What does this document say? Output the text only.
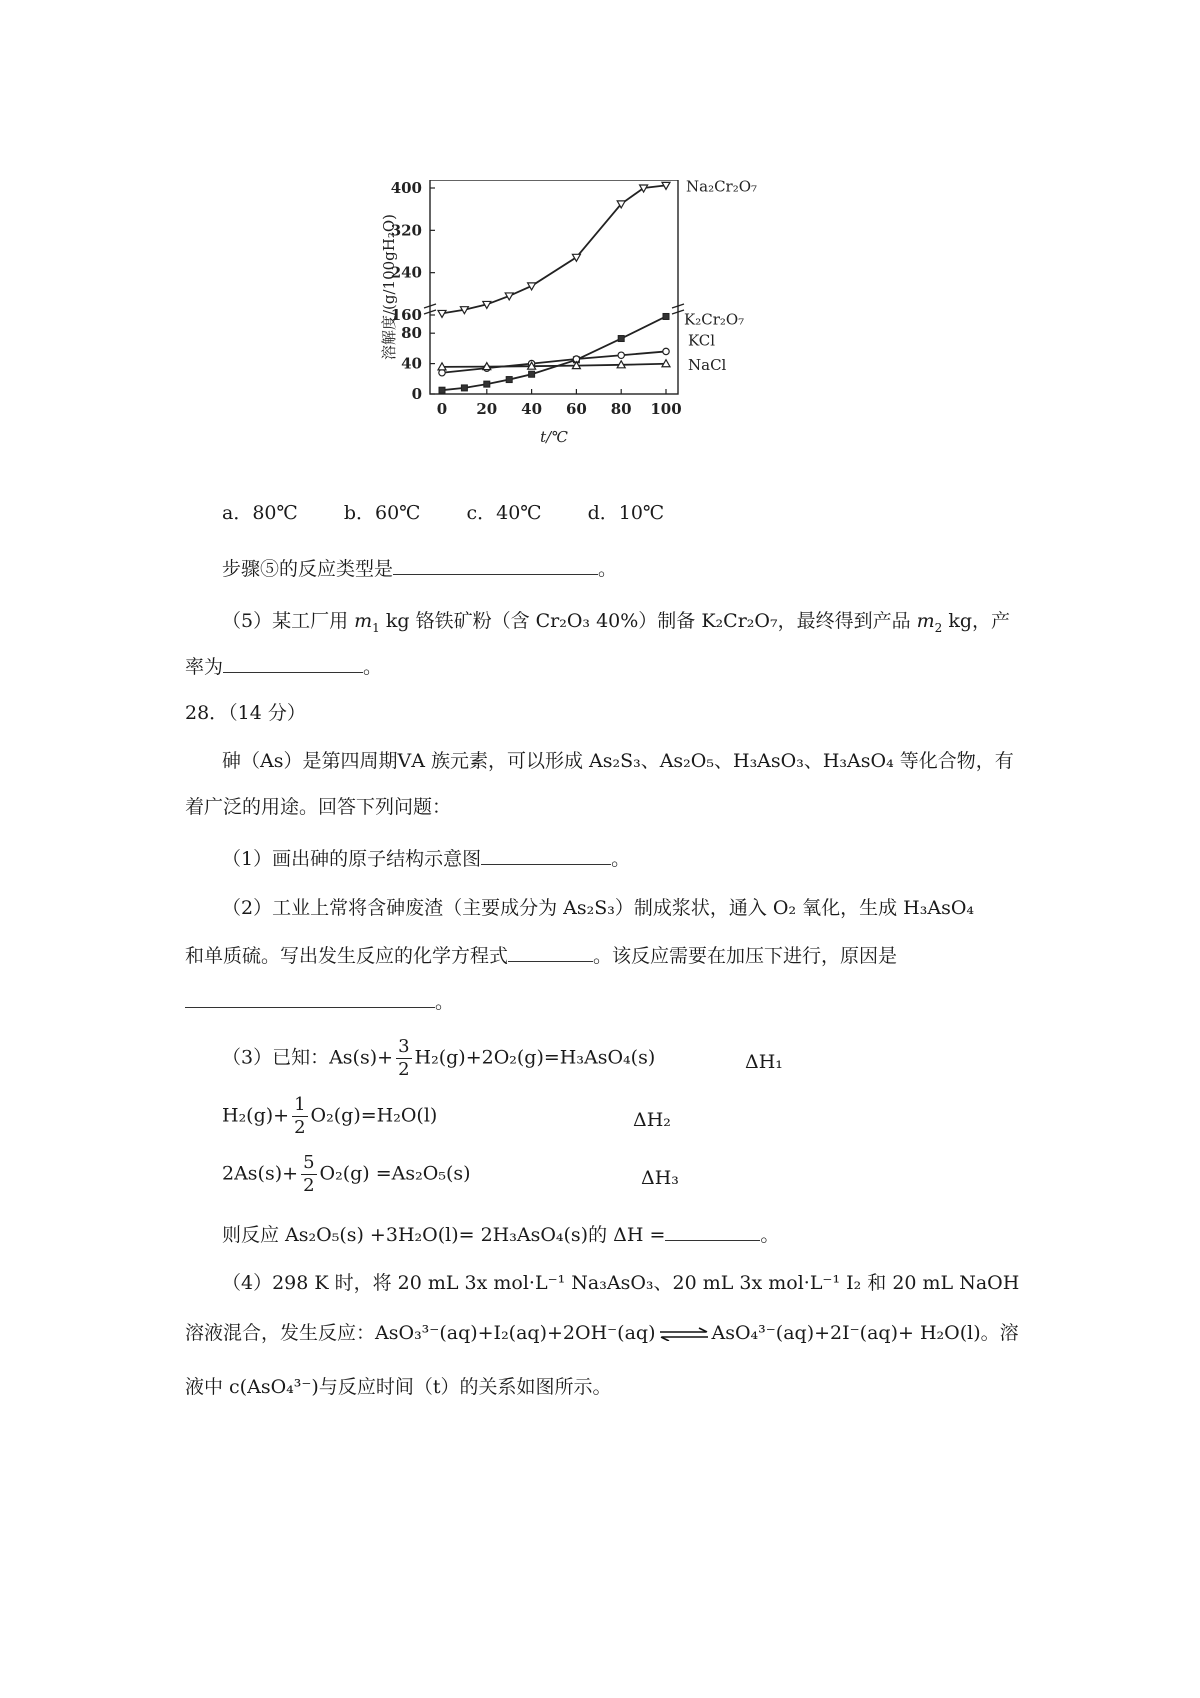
0
40
80
160
240
320
400
0 20 40 60 80 100
t/℃
溶解度/(g/100gH₂O)
Na₂Cr₂O₇
K₂Cr₂O₇
KCl
NaCl
a．80℃ b．60℃ c．40℃ d．10℃
步骤⑤的反应类型是	。
（5）某工厂用 $m_1$ kg 铬铁矿粉（含 Cr₂O₃ 40%）制备 K₂Cr₂O₇，最终得到产品 $m_2$ kg，产
率为	。
28．（14 分）
砷（As）是第四周期ⅤA 族元素，可以形成 As₂S₃、As₂O₅、H₃AsO₃、H₃AsO₄ 等化合物，有
着广泛的用途。回答下列问题：
（1）画出砷的原子结构示意图	。
（2）工业上常将含砷废渣（主要成分为 As₂S₃）制成浆状，通入 O₂ 氧化，生成 H₃AsO₄
和单质硫。写出发生反应的化学方程式	。该反应需要在加压下进行，原因是
。
（3）已知：$As(s)+ \frac{3}{2} H_2(g)+2O_2(g)=H_3AsO_4(s)$	ΔH₁
$H_2(g)+ \frac{1}{2} O_2(g)=H_2O(l)$	ΔH₂
$2As(s)+ \frac{5}{2} O_2(g) =As_2O_5(s)$	ΔH₃
则反应 As₂O₅(s) +3H₂O(l)= 2H₃AsO₄(s)的 ΔH =	。
（4）298 K 时，将 20 mL 3x mol·L⁻¹ Na₃AsO₃、20 mL 3x mol·L⁻¹ I₂ 和 20 mL NaOH
溶液混合，发生反应：AsO₃³⁻(aq)+I₂(aq)+2OH⁻(aq) ⇌ AsO₄³⁻(aq)+2I⁻(aq)+ H₂O(l)。溶
液中 c(AsO₄³⁻)与反应时间（t）的关系如图所示。
